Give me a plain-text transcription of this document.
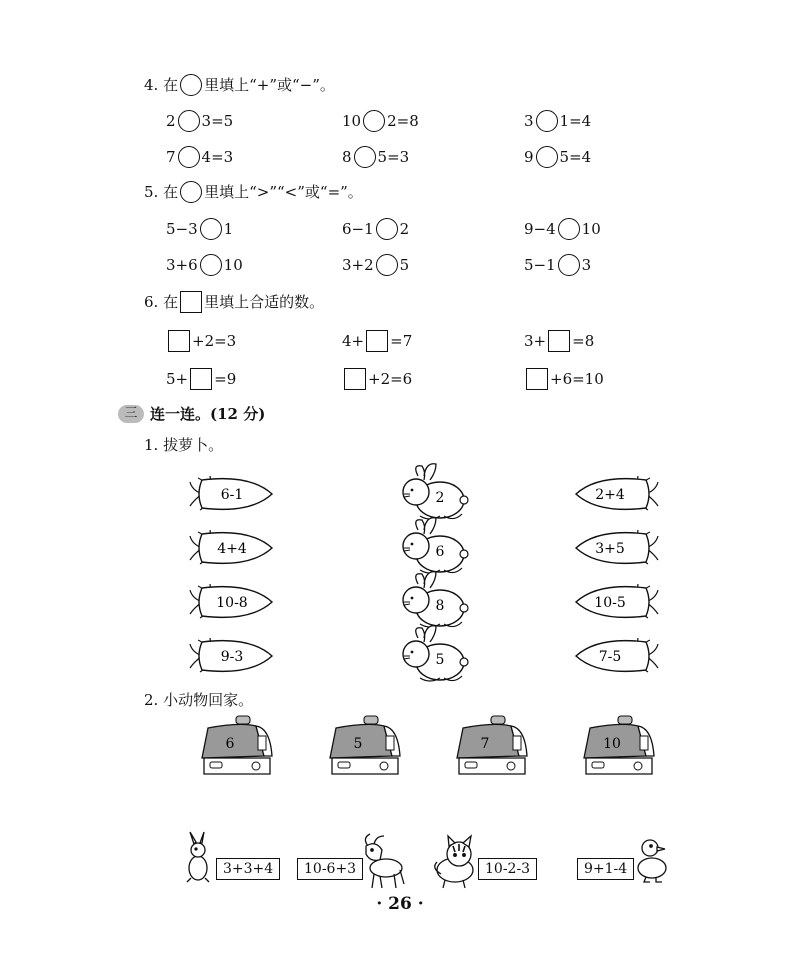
4. 在 里填上“+”或“−”。
2 3=5	10 2=8	3 1=4
7 4=3	8 5=3	9 5=4
5. 在 里填上“>”“<”或“=”。
5−3 1	6−1 2	9−4 10
3+6 10	3+2 5	5−1 3
6. 在 里填上合适的数。
+2=3	4+ =7	3+ =8
5+ =9	+2=6	+6=10
三 连一连。(12 分)
1. 拔萝卜。
6-1
4+4
10-8
9-3
2
6
8
5
2+4
3+5
10-5
7-5
2. 小动物回家。
6	5	7	10
3+3+4	10-6+3	10-2-3	9+1-4
· 26 ·
